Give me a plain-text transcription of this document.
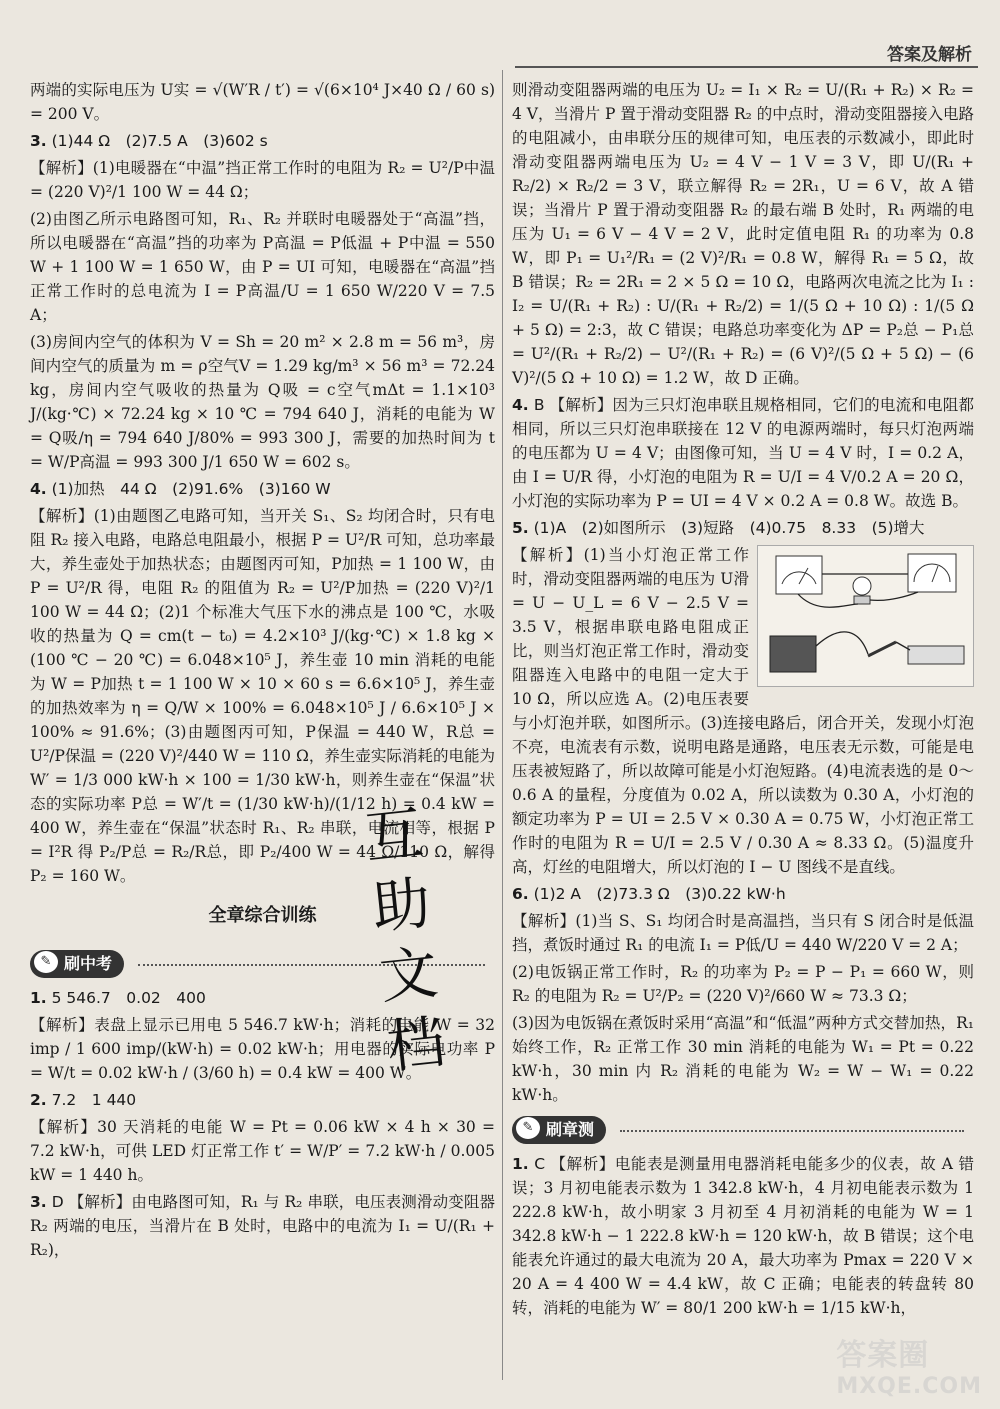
答案及解析

两端的实际电压为 U实 = √(W′R / t′) = √(6×10⁴ J×40 Ω / 60 s) = 200 V。

3. (1)44 Ω　(2)7.5 A　(3)602 s

【解析】(1)电暖器在“中温”挡正常工作时的电阻为 R₂ = U²/P中温 = (220 V)²/1 100 W = 44 Ω；

(2)由图乙所示电路图可知，R₁、R₂ 并联时电暖器处于“高温”挡，所以电暖器在“高温”挡的功率为 P高温 = P低温 + P中温 = 550 W + 1 100 W = 1 650 W，由 P = UI 可知，电暖器在“高温”挡正常工作时的总电流为 I = P高温/U = 1 650 W/220 V = 7.5 A；

(3)房间内空气的体积为 V = Sh = 20 m² × 2.8 m = 56 m³，房间内空气的质量为 m = ρ空气V = 1.29 kg/m³ × 56 m³ = 72.24 kg，房间内空气吸收的热量为 Q吸 = c空气mΔt = 1.1×10³ J/(kg·℃) × 72.24 kg × 10 ℃ = 794 640 J，消耗的电能为 W = Q吸/η = 794 640 J/80% = 993 300 J，需要的加热时间为 t = W/P高温 = 993 300 J/1 650 W = 602 s。

4. (1)加热　44 Ω　(2)91.6%　(3)160 W

【解析】(1)由题图乙电路可知，当开关 S₁、S₂ 均闭合时，只有电阻 R₂ 接入电路，电路总电阻最小，根据 P = U²/R 可知，总功率最大，养生壶处于加热状态；由题图丙可知，P加热 = 1 100 W，由 P = U²/R 得，电阻 R₂ 的阻值为 R₂ = U²/P加热 = (220 V)²/1 100 W = 44 Ω；(2)1 个标准大气压下水的沸点是 100 ℃，水吸收的热量为 Q = cm(t − t₀) = 4.2×10³ J/(kg·℃) × 1.8 kg × (100 ℃ − 20 ℃) = 6.048×10⁵ J，养生壶 10 min 消耗的电能为 W = P加热 t = 1 100 W × 10 × 60 s = 6.6×10⁵ J，养生壶的加热效率为 η = Q/W × 100% = 6.048×10⁵ J / 6.6×10⁵ J × 100% ≈ 91.6%；(3)由题图丙可知，P保温 = 440 W，R总 = U²/P保温 = (220 V)²/440 W = 110 Ω，养生壶实际消耗的电能为 W′ = 1/3 000 kW·h × 100 = 1/30 kW·h，则养生壶在“保温”状态的实际功率 P总 = W′/t = (1/30 kW·h)/(1/12 h) = 0.4 kW = 400 W，养生壶在“保温”状态时 R₁、R₂ 串联，电流相等，根据 P = I²R 得 P₂/P总 = R₂/R总，即 P₂/400 W = 44 Ω/110 Ω，解得 P₂ = 160 W。

全章综合训练
✎ 刷中考

1. 5 546.7　0.02　400

【解析】表盘上显示已用电 5 546.7 kW·h；消耗的电能 W = 32 imp / 1 600 imp/(kW·h) = 0.02 kW·h；用电器的实际电功率 P = W/t = 0.02 kW·h / (3/60 h) = 0.4 kW = 400 W。

2. 7.2　1 440

【解析】30 天消耗的电能 W = Pt = 0.06 kW × 4 h × 30 = 7.2 kW·h，可供 LED 灯正常工作 t′ = W/P′ = 7.2 kW·h / 0.005 kW = 1 440 h。

3. D 【解析】由电路图可知，R₁ 与 R₂ 串联，电压表测滑动变阻器 R₂ 两端的电压，当滑片在 B 处时，电路中的电流为 I₁ = U/(R₁ + R₂)，

则滑动变阻器两端的电压为 U₂ = I₁ × R₂ = U/(R₁ + R₂) × R₂ = 4 V，当滑片 P 置于滑动变阻器 R₂ 的中点时，滑动变阻器接入电路的电阻减小，由串联分压的规律可知，电压表的示数减小，即此时滑动变阻器两端电压为 U₂ = 4 V − 1 V = 3 V，即 U/(R₁ + R₂/2) × R₂/2 = 3 V，联立解得 R₂ = 2R₁，U = 6 V，故 A 错误；当滑片 P 置于滑动变阻器 R₂ 的最右端 B 处时，R₁ 两端的电压为 U₁ = 6 V − 4 V = 2 V，此时定值电阻 R₁ 的功率为 0.8 W，即 P₁ = U₁²/R₁ = (2 V)²/R₁ = 0.8 W，解得 R₁ = 5 Ω，故 B 错误；R₂ = 2R₁ = 2 × 5 Ω = 10 Ω，电路两次电流之比为 I₁ : I₂ = U/(R₁ + R₂) : U/(R₁ + R₂/2) = 1/(5 Ω + 10 Ω) : 1/(5 Ω + 5 Ω) = 2:3，故 C 错误；电路总功率变化为 ΔP = P₂总 − P₁总 = U²/(R₁ + R₂/2) − U²/(R₁ + R₂) = (6 V)²/(5 Ω + 5 Ω) − (6 V)²/(5 Ω + 10 Ω) = 1.2 W，故 D 正确。

4. B 【解析】因为三只灯泡串联且规格相同，它们的电流和电阻都相同，所以三只灯泡串联接在 12 V 的电源两端时，每只灯泡两端的电压都为 U = 4 V；由图像可知，当 U = 4 V 时，I = 0.2 A，由 I = U/R 得，小灯泡的电阻为 R = U/I = 4 V/0.2 A = 20 Ω，小灯泡的实际功率为 P = UI = 4 V × 0.2 A = 0.8 W。故选 B。

5. (1)A　(2)如图所示　(3)短路　(4)0.75　8.33　(5)增大

【解析】(1)当小灯泡正常工作时，滑动变阻器两端的电压为 U滑 = U − U_L = 6 V − 2.5 V = 3.5 V，根据串联电路电阻成正比，则当灯泡正常工作时，滑动变阻器连入电路中的电阻一定大于 10 Ω，所以应选 A。(2)电压表要与小灯泡并联，如图所示。(3)连接电路后，闭合开关，发现小灯泡不亮，电流表有示数，说明电路是通路，电压表无示数，可能是电压表被短路了，所以故障可能是小灯泡短路。(4)电流表选的是 0～0.6 A 的量程，分度值为 0.02 A，所以读数为 0.30 A，小灯泡的额定功率为 P = UI = 2.5 V × 0.30 A = 0.75 W，小灯泡正常工作时的电阻为 R = U/I = 2.5 V / 0.30 A ≈ 8.33 Ω。(5)温度升高，灯丝的电阻增大，所以灯泡的 I − U 图线不是直线。

6. (1)2 A　(2)73.3 Ω　(3)0.22 kW·h

【解析】(1)当 S、S₁ 均闭合时是高温挡，当只有 S 闭合时是低温挡，煮饭时通过 R₁ 的电流 I₁ = P低/U = 440 W/220 V = 2 A；

(2)电饭锅正常工作时，R₂ 的功率为 P₂ = P − P₁ = 660 W，则 R₂ 的电阻为 R₂ = U²/P₂ = (220 V)²/660 W ≈ 73.3 Ω；

(3)因为电饭锅在煮饭时采用“高温”和“低温”两种方式交替加热，R₁ 始终工作，R₂ 正常工作 30 min 消耗的电能为 W₁ = Pt = 0.22 kW·h，30 min 内 R₂ 消耗的电能为 W₂ = W − W₁ = 0.22 kW·h。

✎ 刷章测

1. C 【解析】电能表是测量用电器消耗电能多少的仪表，故 A 错误；3 月初电能表示数为 1 342.8 kW·h，4 月初电能表示数为 1 222.8 kW·h，故小明家 3 月初至 4 月初消耗的电能为 W = 1 342.8 kW·h − 1 222.8 kW·h = 120 kW·h，故 B 错误；这个电能表允许通过的最大电流为 20 A，最大功率为 Pmax = 220 V × 20 A = 4 400 W = 4.4 kW，故 C 正确；电能表的转盘转 80 转，消耗的电能为 W′ = 80/1 200 kW·h = 1/15 kW·h，

互助文档
答案圈
MXQE.COM
